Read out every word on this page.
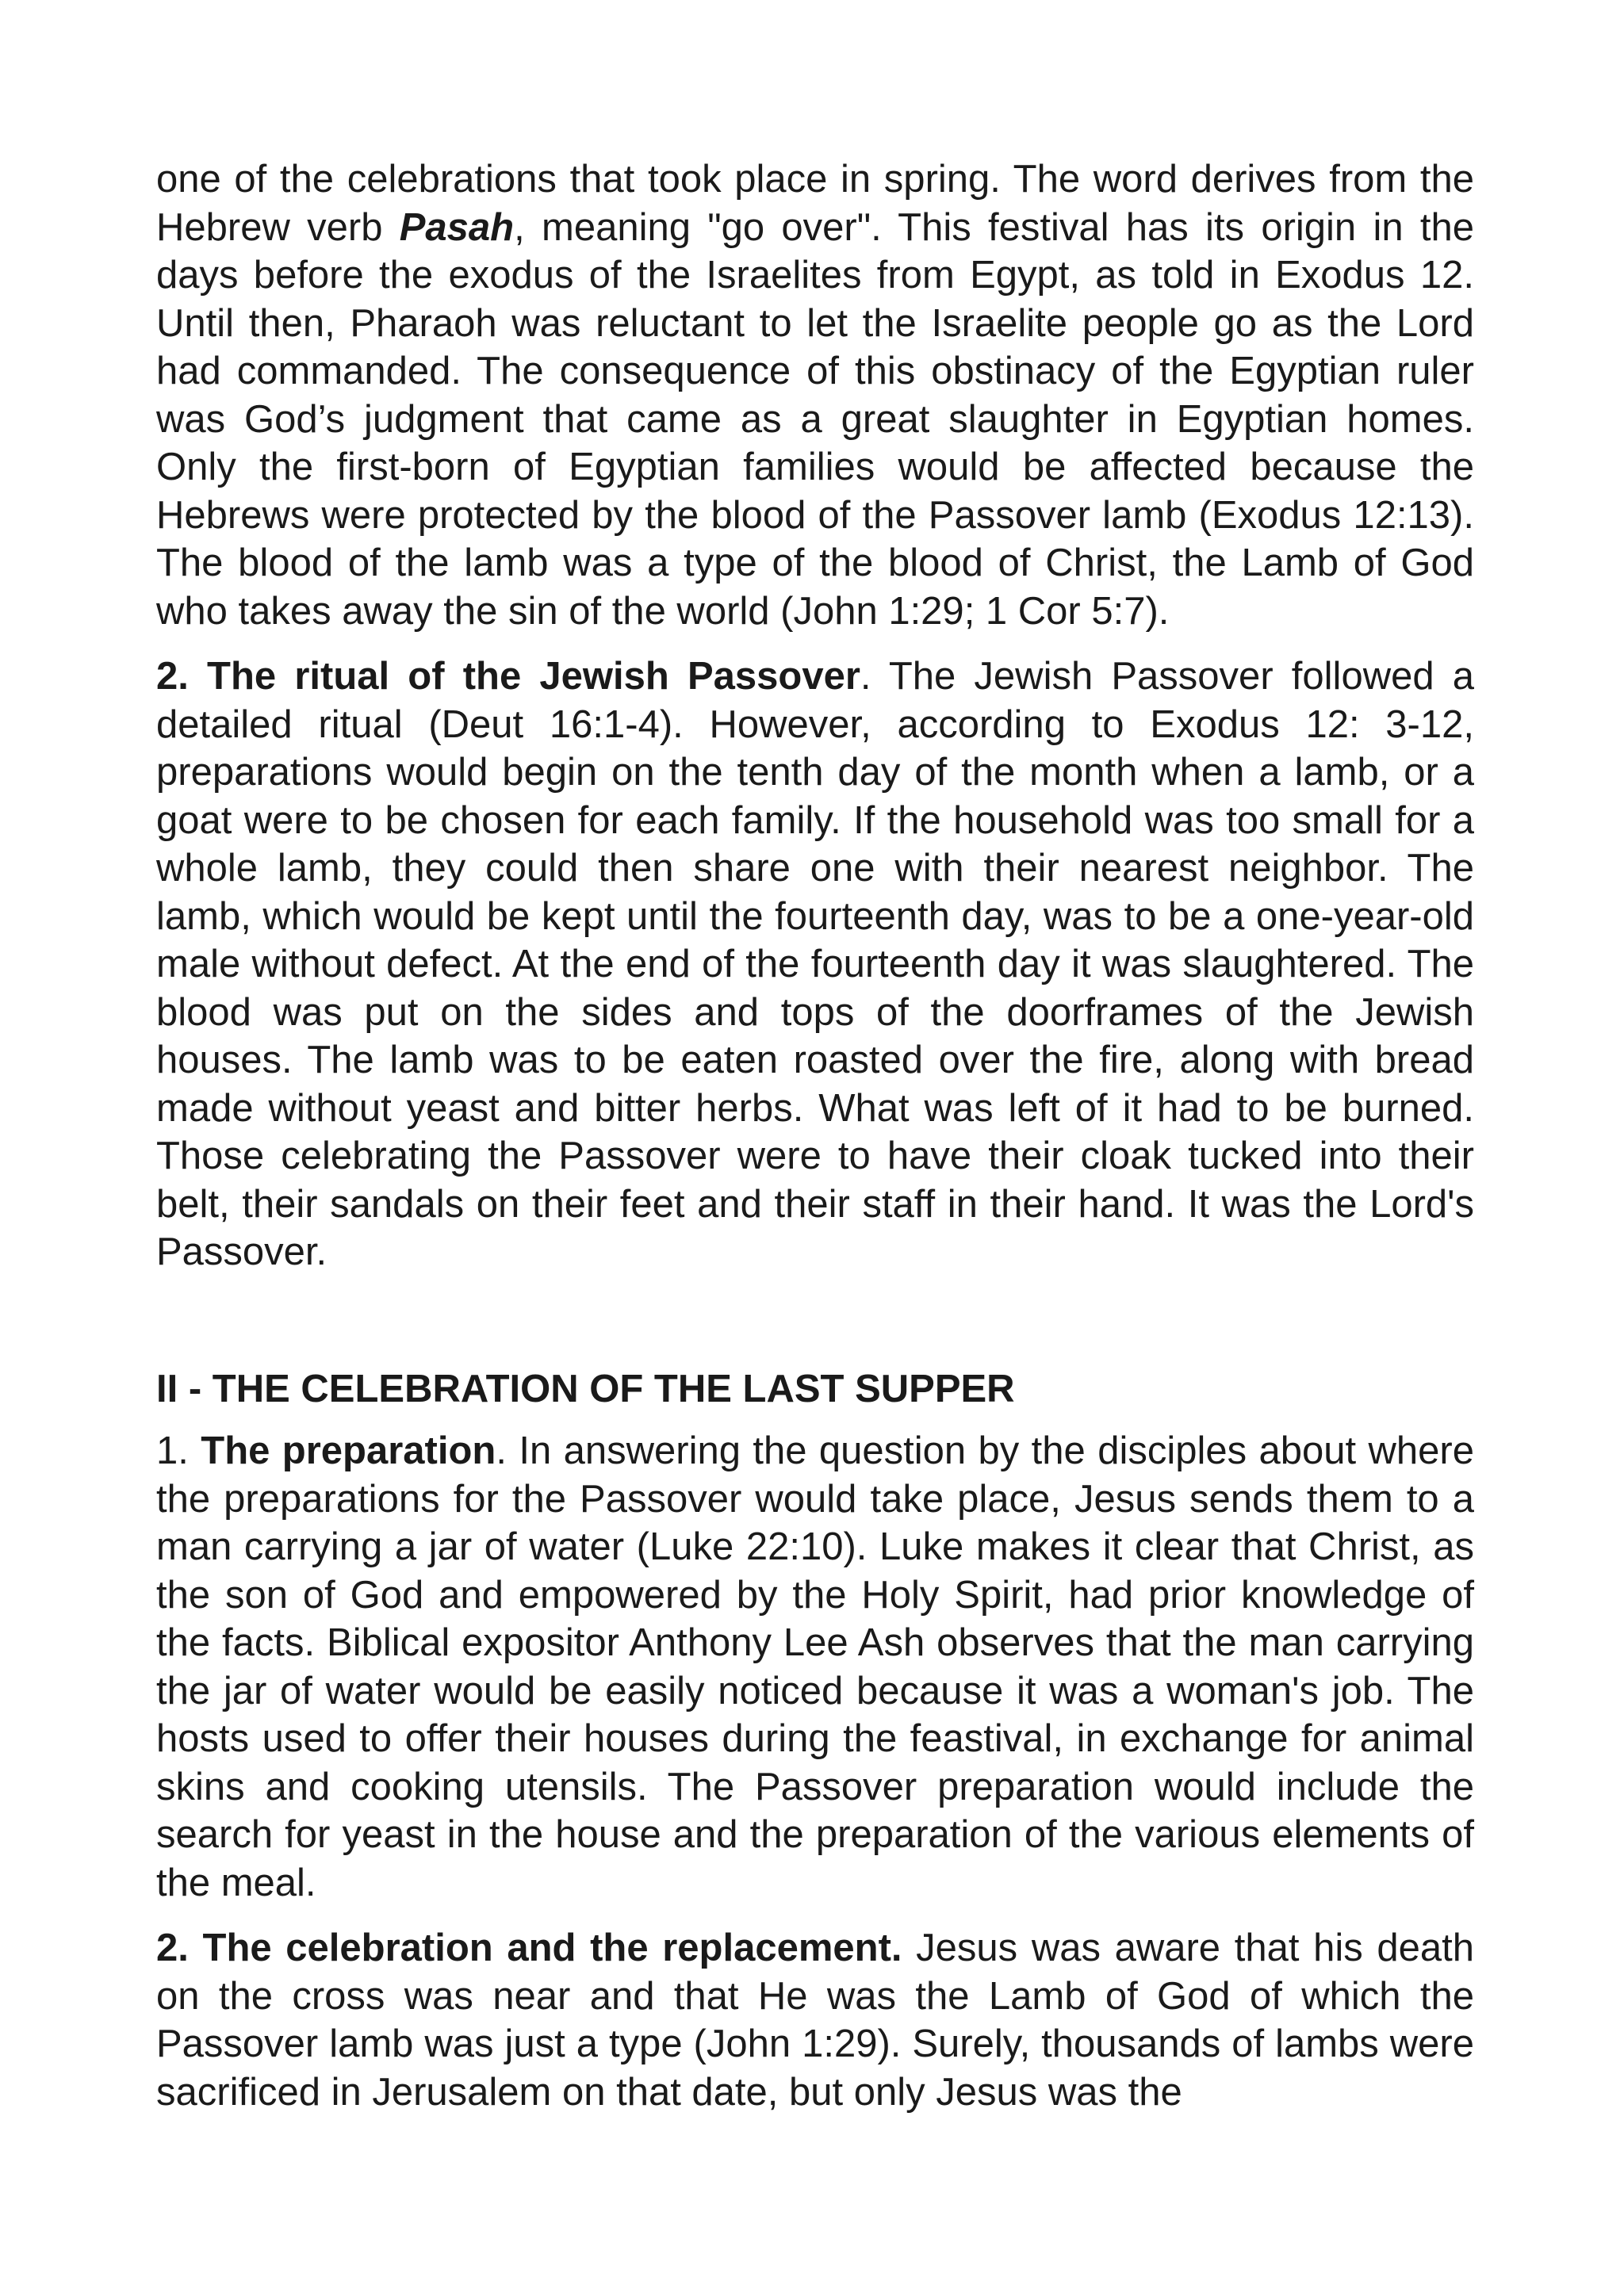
one of the celebrations that took place in spring. The word derives from the Hebrew verb Pasah, meaning "go over". This festival has its origin in the days before the exodus of the Israelites from Egypt, as told in Exodus 12. Until then, Pharaoh was reluctant to let the Israelite people go as the Lord had commanded. The consequence of this obstinacy of the Egyptian ruler was God’s judgment that came as a great slaughter in Egyptian homes. Only the first-born of Egyptian families would be affected because the Hebrews were protected by the blood of the Passover lamb (Exodus 12:13). The blood of the lamb was a type of the blood of Christ, the Lamb of God who takes away the sin of the world (John 1:29; 1 Cor 5:7).

2. The ritual of the Jewish Passover. The Jewish Passover followed a detailed ritual (Deut 16:1-4). However, according to Exodus 12: 3-12, preparations would begin on the tenth day of the month when a lamb, or a goat were to be chosen for each family. If the household was too small for a whole lamb, they could then share one with their nearest neighbor. The lamb, which would be kept until the fourteenth day, was to be a one-year-old male without defect. At the end of the fourteenth day it was slaughtered. The blood was put on the sides and tops of the doorframes of the Jewish houses. The lamb was to be eaten roasted over the fire, along with bread made without yeast and bitter herbs. What was left of it had to be burned. Those celebrating the Passover were to have their cloak tucked into their belt, their sandals on their feet and their staff in their hand. It was the Lord's Passover.

II - THE CELEBRATION OF THE LAST SUPPER

1. The preparation. In answering the question by the disciples about where the preparations for the Passover would take place, Jesus sends them to a man carrying a jar of water (Luke 22:10). Luke makes it clear that Christ, as the son of God and empowered by the Holy Spirit, had prior knowledge of the facts. Biblical expositor Anthony Lee Ash observes that the man carrying the jar of water would be easily noticed because it was a woman's job. The hosts used to offer their houses during the feastival, in exchange for animal skins and cooking utensils. The Passover preparation would include the search for yeast in the house and the preparation of the various elements of the meal.

2. The celebration and the replacement. Jesus was aware that his death on the cross was near and that He was the Lamb of God of which the Passover lamb was just a type (John 1:29). Surely, thousands of lambs were sacrificed in Jerusalem on that date, but only Jesus was the
